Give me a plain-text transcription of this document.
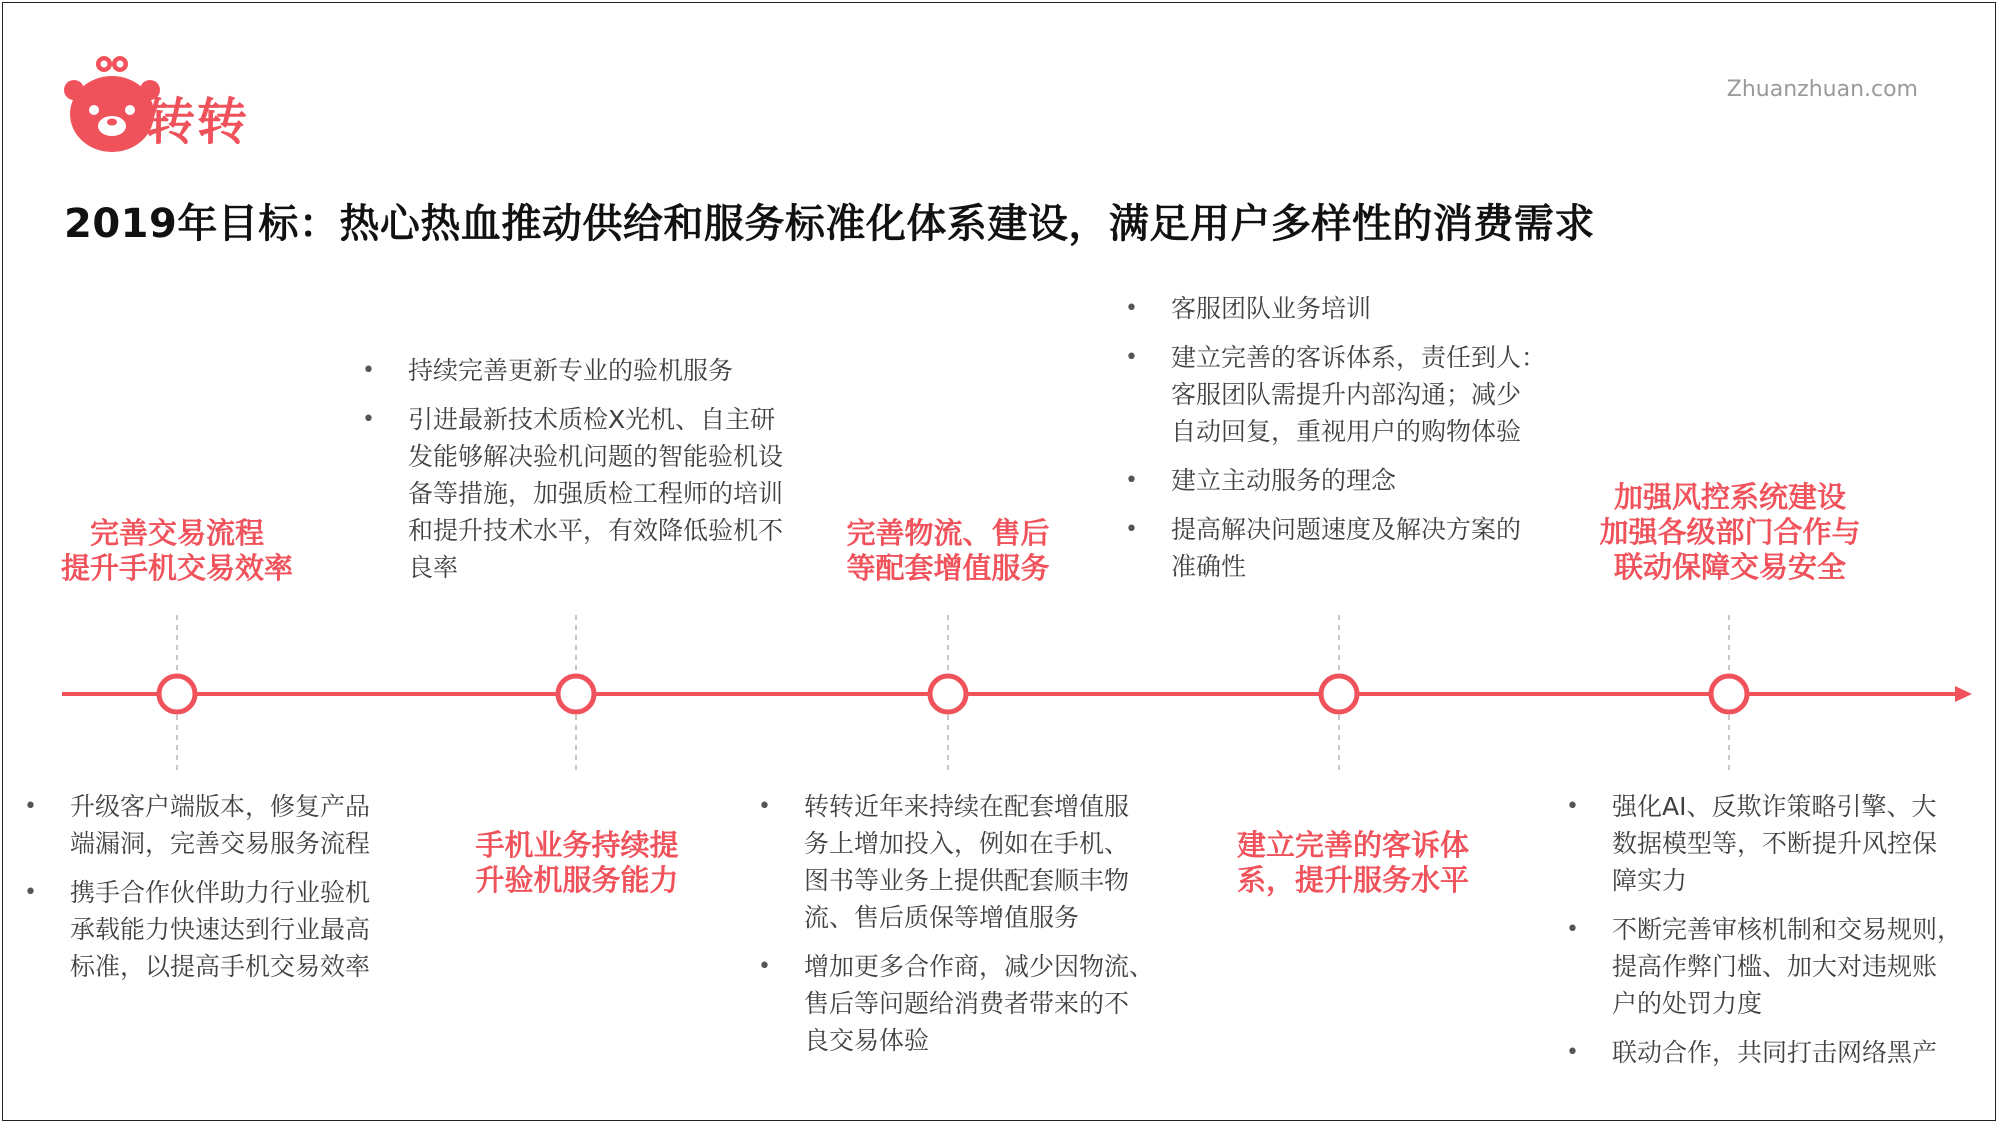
转转
Zhuanzhuan.com
2019年目标：热心热血推动供给和服务标准化体系建设，满足用户多样性的消费需求
完善交易流程
提升手机交易效率
手机业务持续提
升验机服务能力
完善物流、售后
等配套增值服务
建立完善的客诉体
系，提升服务水平
加强风控系统建设
加强各级部门合作与
联动保障交易安全
• 升级客户端版本，修复产品
端漏洞，完善交易服务流程
• 携手合作伙伴助力行业验机
承载能力快速达到行业最高
标准，以提高手机交易效率
• 持续完善更新专业的验机服务
• 引进最新技术质检X光机、自主研
发能够解决验机问题的智能验机设
备等措施，加强质检工程师的培训
和提升技术水平，有效降低验机不
良率
• 转转近年来持续在配套增值服
务上增加投入，例如在手机、
图书等业务上提供配套顺丰物
流、售后质保等增值服务
• 增加更多合作商，减少因物流、
售后等问题给消费者带来的不
良交易体验
• 客服团队业务培训
• 建立完善的客诉体系，责任到人：
客服团队需提升内部沟通；减少
自动回复，重视用户的购物体验
• 建立主动服务的理念
• 提高解决问题速度及解决方案的
准确性
• 强化AI、反欺诈策略引擎、大
数据模型等，不断提升风控保
障实力
• 不断完善审核机制和交易规则，
提高作弊门槛、加大对违规账
户的处罚力度
• 联动合作，共同打击网络黑产
